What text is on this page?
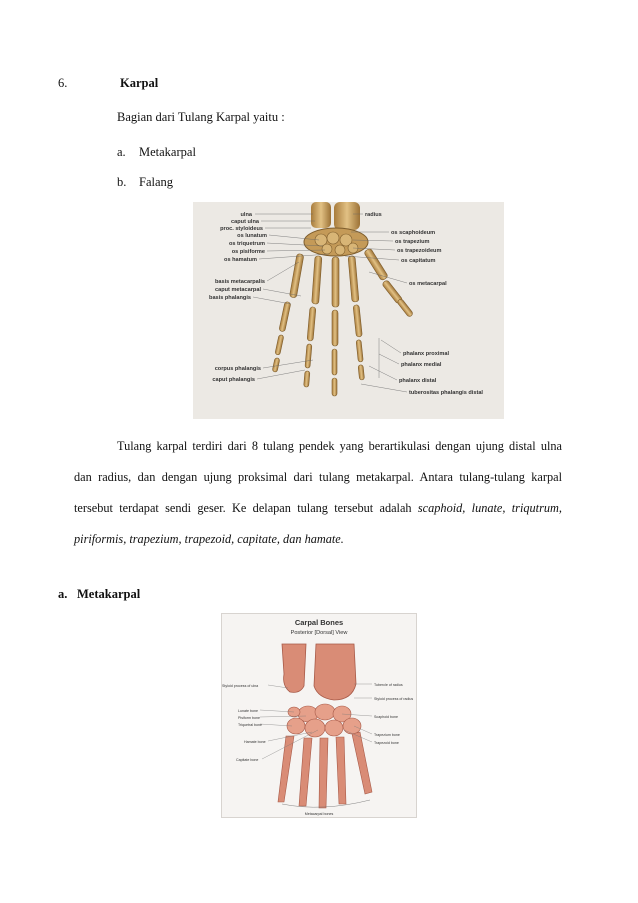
6.	Karpal
Bagian dari Tulang Karpal yaitu :
a. Metakarpal
b. Falang
ulna
caput ulna
proc. styloideus
os lunatum
os triquetrum
os pisiforme
os hamatum
basis metacarpalis
caput metacarpal
basis phalangis
corpus phalangis
caput phalangis
radius
os scaphoideum
os trapezium
os trapezoideum
os capitatum
os metacarpal
phalanx proximal
phalanx medial
phalanx distal
tuberositas phalangis distal
Tulang karpal terdiri dari 8 tulang pendek yang berartikulasi dengan ujung distal ulna
dan radius, dan dengan ujung proksimal dari tulang metakarpal. Antara tulang-tulang karpal
tersebut terdapat sendi geser. Ke delapan tulang tersebut adalah scaphoid, lunate, triqutrum,
piriformis, trapezium, trapezoid, capitate, dan hamate.
a. Metakarpal
Carpal Bones
Posterior [Dorsal] View
Styloid process of ulna
Lunate bone
Pisiform bone
Triquetral bone
Hamate bone
Capitate bone
Tubercle of radius
Styloid process of radius
Scaphoid bone
Trapezium bone
Trapezoid bone
Metacarpal bones
